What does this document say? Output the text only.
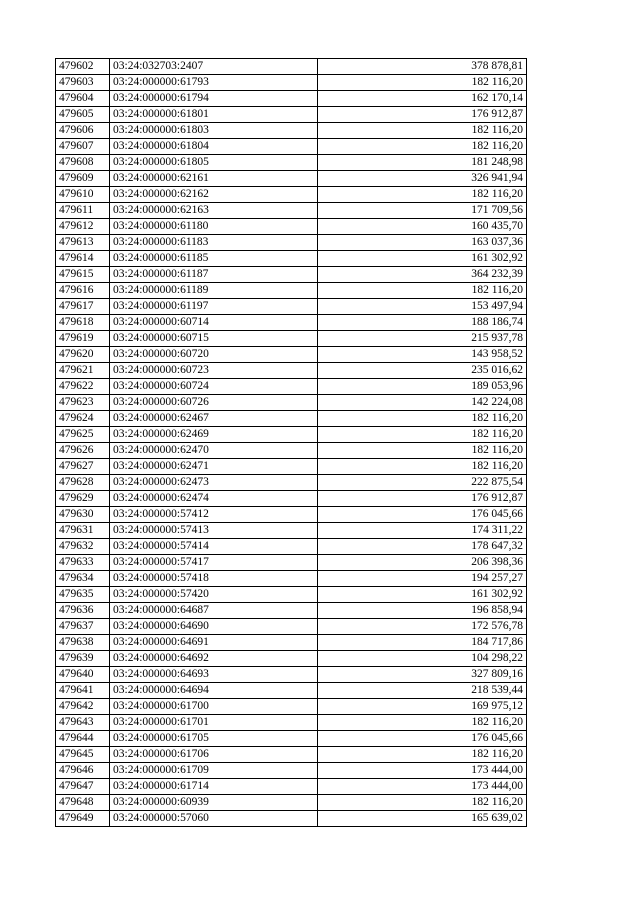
479602	03:24:032703:2407	378 878,81
479603	03:24:000000:61793	182 116,20
479604	03:24:000000:61794	162 170,14
479605	03:24:000000:61801	176 912,87
479606	03:24:000000:61803	182 116,20
479607	03:24:000000:61804	182 116,20
479608	03:24:000000:61805	181 248,98
479609	03:24:000000:62161	326 941,94
479610	03:24:000000:62162	182 116,20
479611	03:24:000000:62163	171 709,56
479612	03:24:000000:61180	160 435,70
479613	03:24:000000:61183	163 037,36
479614	03:24:000000:61185	161 302,92
479615	03:24:000000:61187	364 232,39
479616	03:24:000000:61189	182 116,20
479617	03:24:000000:61197	153 497,94
479618	03:24:000000:60714	188 186,74
479619	03:24:000000:60715	215 937,78
479620	03:24:000000:60720	143 958,52
479621	03:24:000000:60723	235 016,62
479622	03:24:000000:60724	189 053,96
479623	03:24:000000:60726	142 224,08
479624	03:24:000000:62467	182 116,20
479625	03:24:000000:62469	182 116,20
479626	03:24:000000:62470	182 116,20
479627	03:24:000000:62471	182 116,20
479628	03:24:000000:62473	222 875,54
479629	03:24:000000:62474	176 912,87
479630	03:24:000000:57412	176 045,66
479631	03:24:000000:57413	174 311,22
479632	03:24:000000:57414	178 647,32
479633	03:24:000000:57417	206 398,36
479634	03:24:000000:57418	194 257,27
479635	03:24:000000:57420	161 302,92
479636	03:24:000000:64687	196 858,94
479637	03:24:000000:64690	172 576,78
479638	03:24:000000:64691	184 717,86
479639	03:24:000000:64692	104 298,22
479640	03:24:000000:64693	327 809,16
479641	03:24:000000:64694	218 539,44
479642	03:24:000000:61700	169 975,12
479643	03:24:000000:61701	182 116,20
479644	03:24:000000:61705	176 045,66
479645	03:24:000000:61706	182 116,20
479646	03:24:000000:61709	173 444,00
479647	03:24:000000:61714	173 444,00
479648	03:24:000000:60939	182 116,20
479649	03:24:000000:57060	165 639,02
